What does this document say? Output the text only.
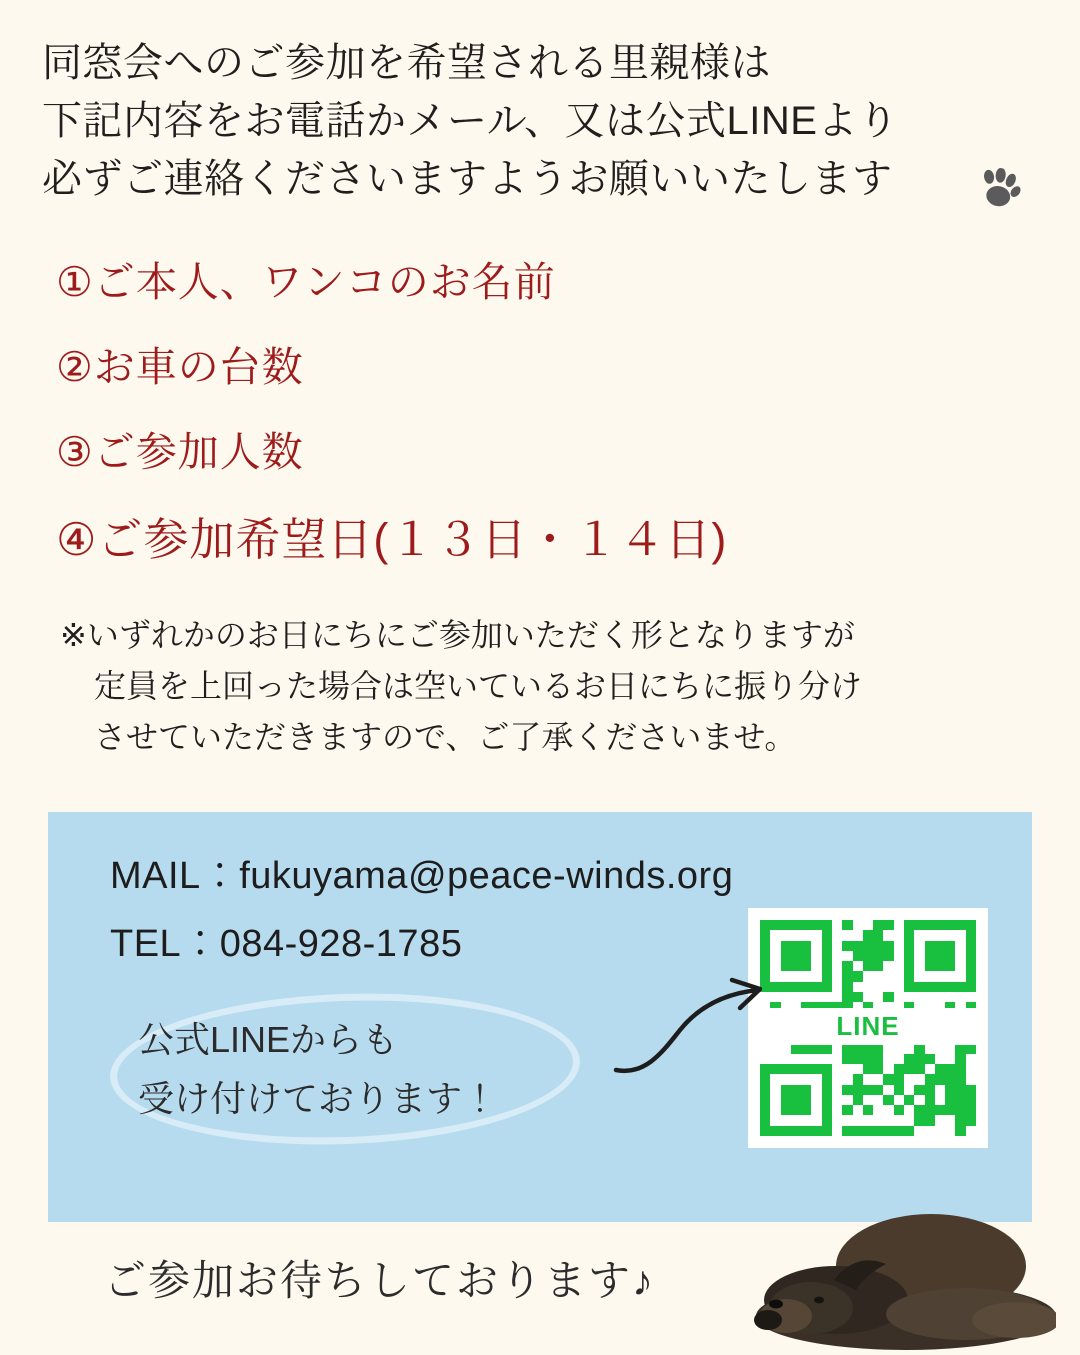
同窓会へのご参加を希望される里親様は
下記内容をお電話かメール、又は公式LINEより
必ずご連絡くださいますようお願いいたします
①ご本人、ワンコのお名前
②お車の台数
③ご参加人数
④ご参加希望日(１３日・１４日)
※いずれかのお日にちにご参加いただく形となりますが
定員を上回った場合は空いているお日にちに振り分け
させていただきますので、ご了承くださいませ。
MAIL：fukuyama@peace-winds.org
TEL：084-928-1785
公式LINEからも
受け付けております！
LINE
ご参加お待ちしております♪
